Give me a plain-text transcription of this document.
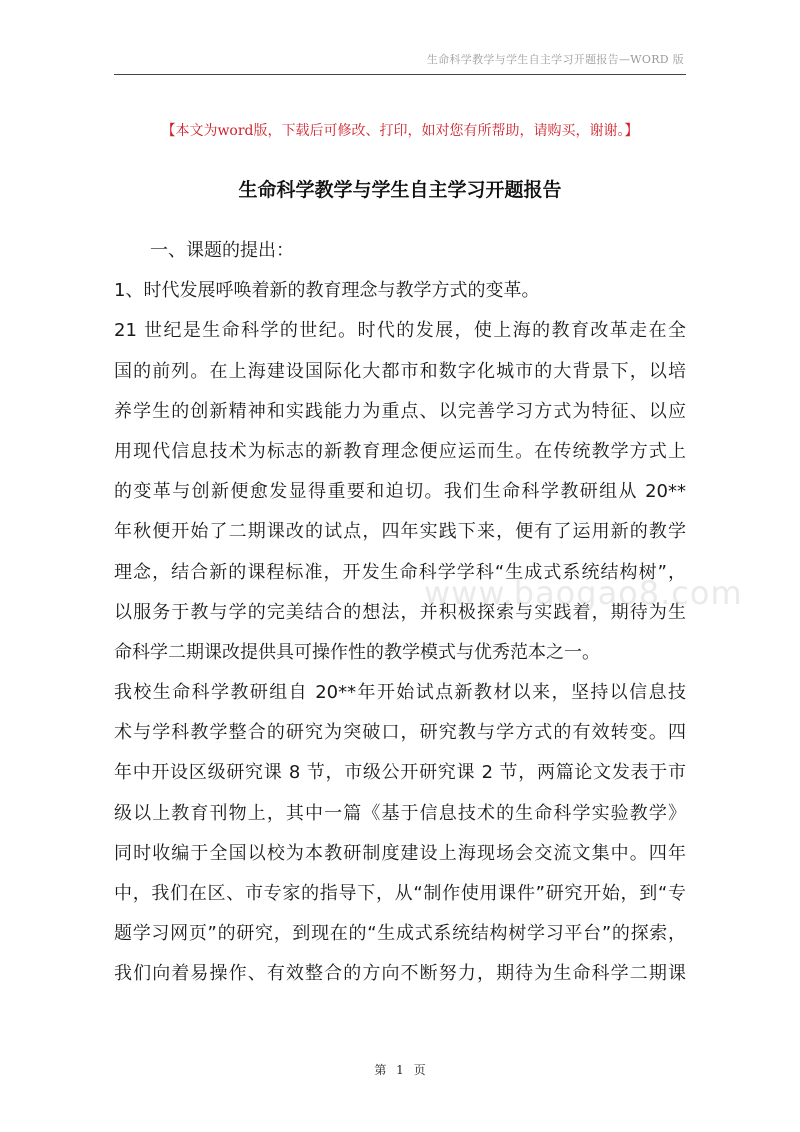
生命科学教学与学生自主学习开题报告—WORD 版
【本文为word版，下载后可修改、打印，如对您有所帮助，请购买，谢谢。】
生命科学教学与学生自主学习开题报告
一、课题的提出：
1、时代发展呼唤着新的教育理念与教学方式的变革。
21 世纪是生命科学的世纪。时代的发展，使上海的教育改革走在全
国的前列。在上海建设国际化大都市和数字化城市的大背景下，以培
养学生的创新精神和实践能力为重点、以完善学习方式为特征、以应
用现代信息技术为标志的新教育理念便应运而生。在传统教学方式上
的变革与创新便愈发显得重要和迫切。我们生命科学教研组从 20**
年秋便开始了二期课改的试点，四年实践下来，便有了运用新的教学
理念，结合新的课程标准，开发生命科学学科“生成式系统结构树”，
以服务于教与学的完美结合的想法，并积极探索与实践着，期待为生
命科学二期课改提供具可操作性的教学模式与优秀范本之一。
我校生命科学教研组自 20**年开始试点新教材以来，坚持以信息技
术与学科教学整合的研究为突破口，研究教与学方式的有效转变。四
年中开设区级研究课 8 节，市级公开研究课 2 节，两篇论文发表于市
级以上教育刊物上，其中一篇《基于信息技术的生命科学实验教学》
同时收编于全国以校为本教研制度建设上海现场会交流文集中。四年
中，我们在区、市专家的指导下，从“制作使用课件”研究开始，到“专
题学习网页”的研究，到现在的“生成式系统结构树学习平台”的探索，
我们向着易操作、有效整合的方向不断努力，期待为生命科学二期课
www.baogao8.com
第 1 页
